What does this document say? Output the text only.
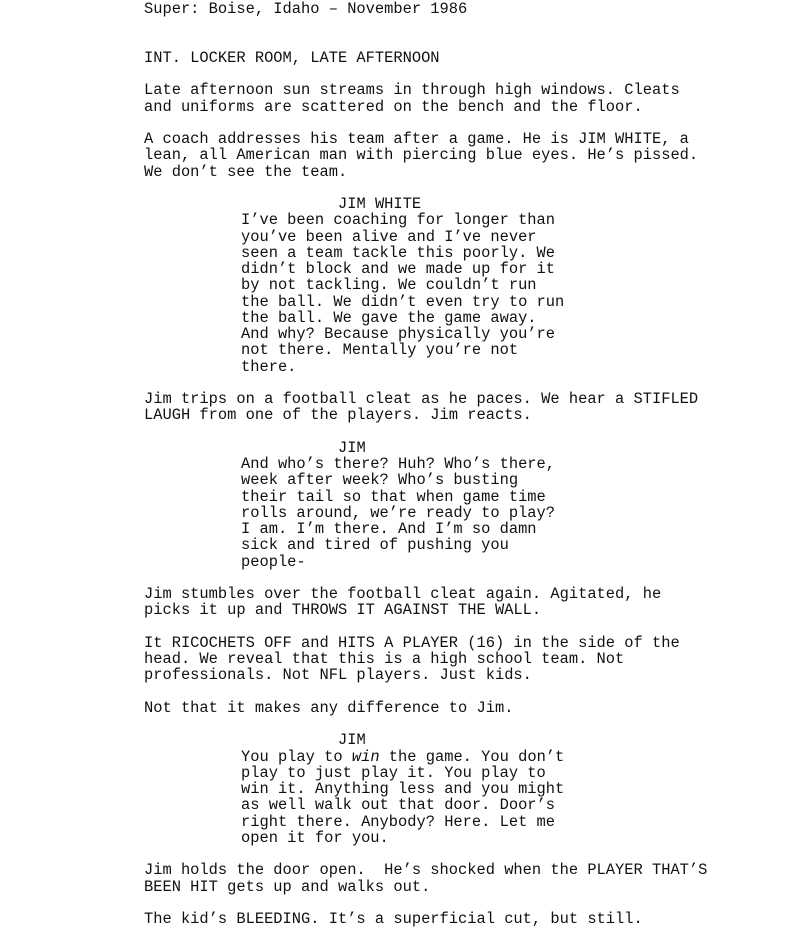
Super: Boise, Idaho – November 1986
INT. LOCKER ROOM, LATE AFTERNOON
Late afternoon sun streams in through high windows. Cleats
and uniforms are scattered on the bench and the floor.
A coach addresses his team after a game. He is JIM WHITE, a
lean, all American man with piercing blue eyes. He’s pissed.
We don’t see the team.
JIM WHITE
I’ve been coaching for longer than
you’ve been alive and I’ve never
seen a team tackle this poorly. We
didn’t block and we made up for it
by not tackling. We couldn’t run
the ball. We didn’t even try to run
the ball. We gave the game away.
And why? Because physically you’re
not there. Mentally you’re not
there.
Jim trips on a football cleat as he paces. We hear a STIFLED
LAUGH from one of the players. Jim reacts.
JIM
And who’s there? Huh? Who’s there,
week after week? Who’s busting
their tail so that when game time
rolls around, we’re ready to play?
I am. I’m there. And I’m so damn
sick and tired of pushing you
people-
Jim stumbles over the football cleat again. Agitated, he
picks it up and THROWS IT AGAINST THE WALL.
It RICOCHETS OFF and HITS A PLAYER (16) in the side of the
head. We reveal that this is a high school team. Not
professionals. Not NFL players. Just kids.
Not that it makes any difference to Jim.
JIM
You play to win the game. You don’t
play to just play it. You play to
win it. Anything less and you might
as well walk out that door. Door’s
right there. Anybody? Here. Let me
open it for you.
Jim holds the door open.  He’s shocked when the PLAYER THAT’S
BEEN HIT gets up and walks out.
The kid’s BLEEDING. It’s a superficial cut, but still.
